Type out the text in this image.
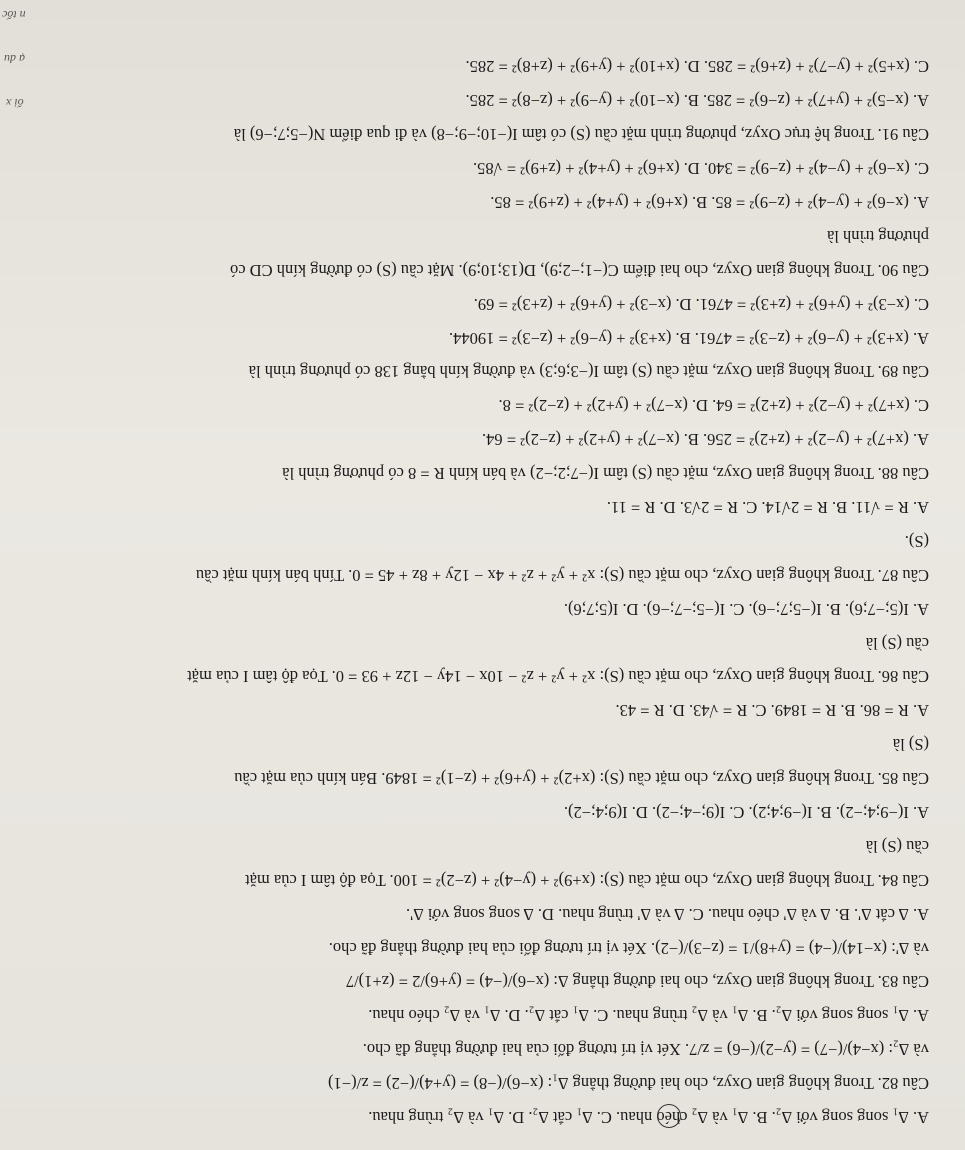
A. Δ₁ song song với Δ₂. B. Δ₁ và Δ₂ chéo nhau. C. Δ₁ cắt Δ₂. D. Δ₁ và Δ₂ trùng nhau.
Câu 82. Trong không gian Oxyz, cho hai đường thẳng Δ₁: (x−6)/(−8) = (y+4)/(−2) = z/(−1)
và Δ₂: (x−4)/(−7) = (y−2)/(−6) = z/7. Xét vị trí tương đối của hai đường thẳng đã cho.
A. Δ₁ song song với Δ₂. B. Δ₁ và Δ₂ trùng nhau. C. Δ₁ cắt Δ₂. D. Δ₁ và Δ₂ chéo nhau.
Câu 83. Trong không gian Oxyz, cho hai đường thẳng Δ: (x−6)/(−4) = (y+6)/2 = (z+1)/7
và Δ': (x−14)/(−4) = (y+8)/1 = (z−3)/(−2). Xét vị trí tương đối của hai đường thẳng đã cho.
A. Δ cắt Δ'. B. Δ và Δ' chéo nhau. C. Δ và Δ' trùng nhau. D. Δ song song với Δ'.
Câu 84. Trong không gian Oxyz, cho mặt cầu (S): (x+9)² + (y−4)² + (z−2)² = 100. Tọa độ tâm I của mặt
cầu (S) là
A. I(−9;4;−2). B. I(−9;4;2). C. I(9;−4;−2). D. I(9;4;−2).
Câu 85. Trong không gian Oxyz, cho mặt cầu (S): (x+2)² + (y+6)² + (z−1)² = 1849. Bán kính của mặt cầu
(S) là
A. R = 86. B. R = 1849. C. R = √43. D. R = 43.
Câu 86. Trong không gian Oxyz, cho mặt cầu (S): x² + y² + z² − 10x − 14y − 12z + 93 = 0. Tọa độ tâm I của mặt
cầu (S) là
A. I(5;−7;6). B. I(−5;7;−6). C. I(−5;−7;−6). D. I(5;7;6).
Câu 87. Trong không gian Oxyz, cho mặt cầu (S): x² + y² + z² + 4x − 12y + 8z + 45 = 0. Tính bán kính mặt cầu
(S).
A. R = √11. B. R = 2√14. C. R = 2√3. D. R = 11.
Câu 88. Trong không gian Oxyz, mặt cầu (S) tâm I(−7;2;−2) và bán kính R = 8 có phương trình là
A. (x+7)² + (y−2)² + (z+2)² = 256. B. (x−7)² + (y+2)² + (z−2)² = 64.
C. (x+7)² + (y−2)² + (z+2)² = 64. D. (x−7)² + (y+2)² + (z−2)² = 8.
Câu 89. Trong không gian Oxyz, mặt cầu (S) tâm I(−3;6;3) và đường kính bằng 138 có phương trình là
A. (x+3)² + (y−6)² + (z−3)² = 4761. B. (x+3)² + (y−6)² + (z−3)² = 19044.
C. (x−3)² + (y+6)² + (z+3)² = 4761. D. (x−3)² + (y+6)² + (z+3)² = 69.
Câu 90. Trong không gian Oxyz, cho hai điểm C(−1;−2;9), D(13;10;9). Mặt cầu (S) có đường kính CD có
phương trình là
A. (x−6)² + (y−4)² + (z−9)² = 85. B. (x+6)² + (y+4)² + (z+9)² = 85.
C. (x−6)² + (y−4)² + (z−9)² = 340. D. (x+6)² + (y+4)² + (z+9)² = √85.
Câu 91. Trong hệ trục Oxyz, phương trình mặt cầu (S) có tâm I(−10;−9;−8) và đi qua điểm N(−5;7;−6) là
A. (x−5)² + (y+7)² + (z−6)² = 285. B. (x−10)² + (y−9)² + (z−8)² = 285.
C. (x+5)² + (y−7)² + (z+6)² = 285. D. (x+10)² + (y+9)² + (z+8)² = 285.
n tốc
ạ du
ối x
